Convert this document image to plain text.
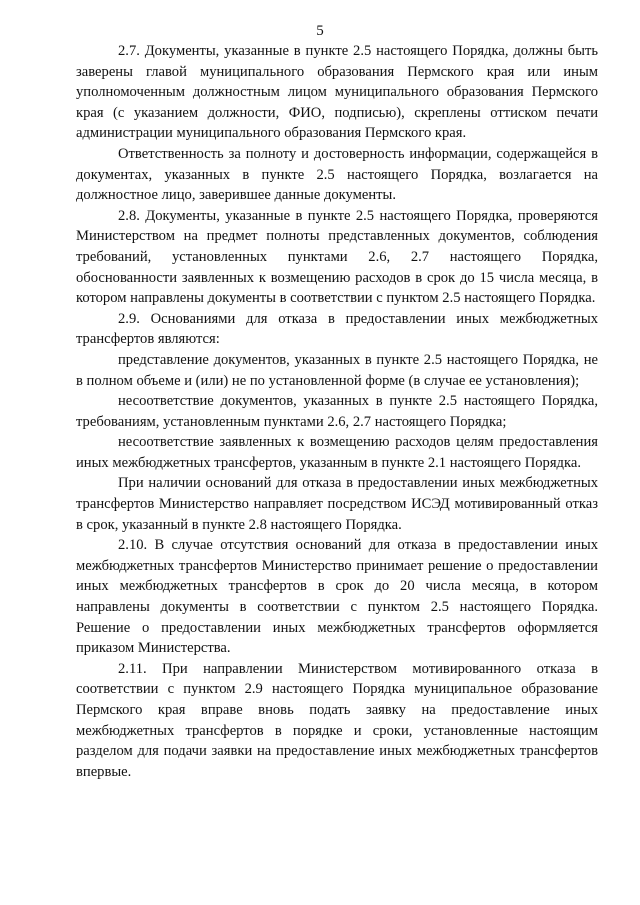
5

2.7. Документы, указанные в пункте 2.5 настоящего Порядка, должны быть заверены главой муниципального образования Пермского края или иным уполномоченным должностным лицом муниципального образования Пермского края (с указанием должности, ФИО, подписью), скреплены оттиском печати администрации муниципального образования Пермского края.

Ответственность за полноту и достоверность информации, содержащейся в документах, указанных в пункте 2.5 настоящего Порядка, возлагается на должностное лицо, заверившее данные документы.

2.8. Документы, указанные в пункте 2.5 настоящего Порядка, проверяются Министерством на предмет полноты представленных документов, соблюдения требований, установленных пунктами 2.6, 2.7 настоящего Порядка, обоснованности заявленных к возмещению расходов в срок до 15 числа месяца, в котором направлены документы в соответствии с пунктом 2.5 настоящего Порядка.

2.9. Основаниями для отказа в предоставлении иных межбюджетных трансфертов являются:

представление документов, указанных в пункте 2.5 настоящего Порядка, не в полном объеме и (или) не по установленной форме (в случае ее установления);

несоответствие документов, указанных в пункте 2.5 настоящего Порядка, требованиям, установленным пунктами 2.6, 2.7 настоящего Порядка;

несоответствие заявленных к возмещению расходов целям предоставления иных межбюджетных трансфертов, указанным в пункте 2.1 настоящего Порядка.

При наличии оснований для отказа в предоставлении иных межбюджетных трансфертов Министерство направляет посредством ИСЭД мотивированный отказ в срок, указанный в пункте 2.8 настоящего Порядка.

2.10. В случае отсутствия оснований для отказа в предоставлении иных межбюджетных трансфертов Министерство принимает решение о предоставлении иных межбюджетных трансфертов в срок до 20 числа месяца, в котором направлены документы в соответствии с пунктом 2.5 настоящего Порядка. Решение о предоставлении иных межбюджетных трансфертов оформляется приказом Министерства.

2.11. При направлении Министерством мотивированного отказа в соответствии с пунктом 2.9 настоящего Порядка муниципальное образование Пермского края вправе вновь подать заявку на предоставление иных межбюджетных трансфертов в порядке и сроки, установленные настоящим разделом для подачи заявки на предоставление иных межбюджетных трансфертов впервые.
